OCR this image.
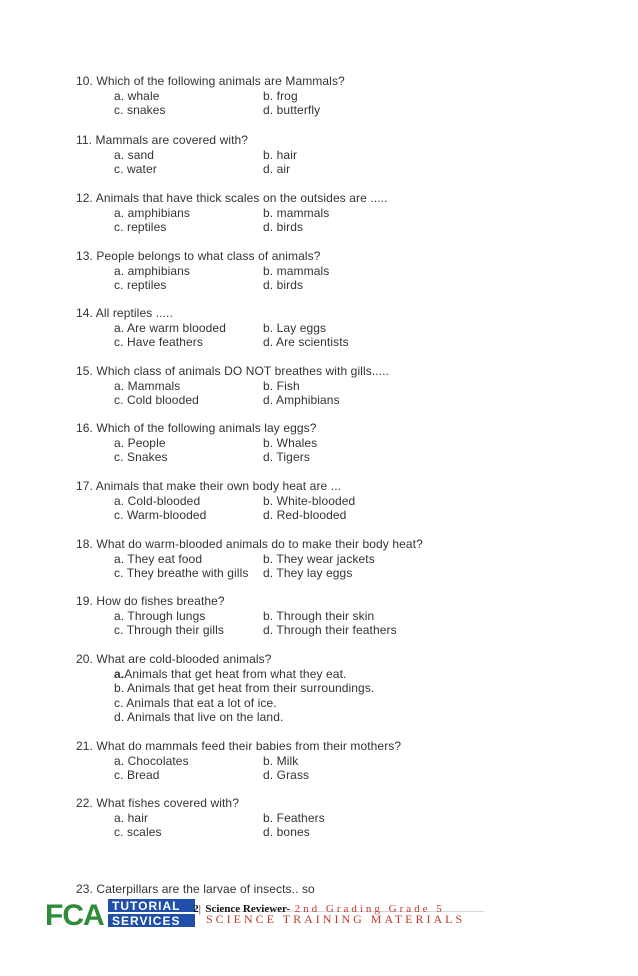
10. Which of the following animals are Mammals?
a. whale	b. frog
c. snakes	d. butterfly
11. Mammals are covered with?
a. sand	b. hair
c. water	d. air
12. Animals that have thick scales on the outsides are .....
a. amphibians	b. mammals
c. reptiles	d. birds
13. People belongs to what class of animals?
a. amphibians	b. mammals
c. reptiles	d. birds
14. All reptiles .....
a. Are warm blooded	b. Lay eggs
c. Have feathers	d. Are scientists
15. Which class of animals DO NOT breathes with gills.....
a. Mammals	b. Fish
c. Cold blooded	d. Amphibians
16. Which of the following animals lay eggs?
a. People	b. Whales
c. Snakes	d. Tigers
17. Animals that make their own body heat are ...
a. Cold-blooded	b. White-blooded
c. Warm-blooded	d. Red-blooded
18. What do warm-blooded animals do to make their body heat?
a. They eat food	b. They wear jackets
c. They breathe with gills d. They lay eggs
19. How do fishes breathe?
a. Through lungs	b. Through their skin
c. Through their gills	d. Through their feathers
20. What are cold-blooded animals?
a.Animals that get heat from what they eat.
b. Animals that get heat from their surroundings.
c. Animals that eat a lot of ice.
d. Animals that live on the land.
21. What do mammals feed their babies from their mothers?
a. Chocolates	b. Milk
c. Bread	d. Grass
22. What fishes covered with?
a. hair	b. Feathers
c. scales	d. bones
23. Caterpillars are the larvae of insects.. so
FCA TUTORIAL
SERVICES
2| Science Reviewer- 2nd Grading Grade 5
SCIENCE TRAINING MATERIALS
